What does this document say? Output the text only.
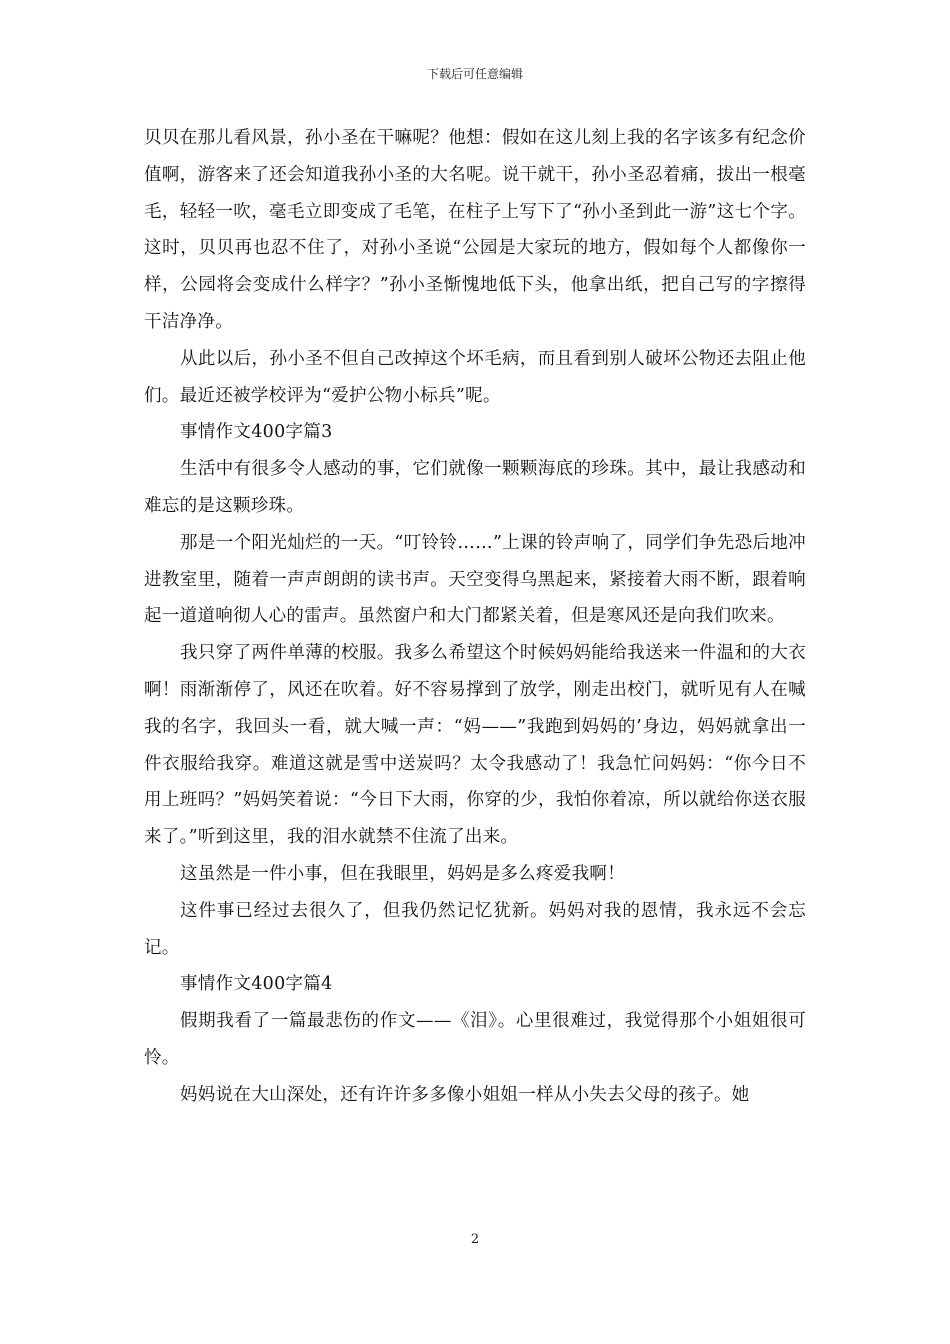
下载后可任意编辑

贝贝在那儿看风景，孙小圣在干嘛呢？他想：假如在这儿刻上我的名字该多有纪念价值啊，游客来了还会知道我孙小圣的大名呢。说干就干，孙小圣忍着痛，拔出一根毫毛，轻轻一吹，毫毛立即变成了毛笔，在柱子上写下了“孙小圣到此一游”这七个字。这时，贝贝再也忍不住了，对孙小圣说“公园是大家玩的地方，假如每个人都像你一样，公园将会变成什么样字？”孙小圣惭愧地低下头，他拿出纸，把自己写的字擦得干洁净净。

从此以后，孙小圣不但自己改掉这个坏毛病，而且看到别人破坏公物还去阻止他们。最近还被学校评为“爱护公物小标兵”呢。

事情作文400字篇3

生活中有很多令人感动的事，它们就像一颗颗海底的珍珠。其中，最让我感动和难忘的是这颗珍珠。

那是一个阳光灿烂的一天。“叮铃铃……”上课的铃声响了，同学们争先恐后地冲进教室里，随着一声声朗朗的读书声。天空变得乌黑起来，紧接着大雨不断，跟着响起一道道响彻人心的雷声。虽然窗户和大门都紧关着，但是寒风还是向我们吹来。

我只穿了两件单薄的校服。我多么希望这个时候妈妈能给我送来一件温和的大衣啊！雨渐渐停了，风还在吹着。好不容易撑到了放学，刚走出校门，就听见有人在喊我的名字，我回头一看，就大喊一声：“妈——”我跑到妈妈的’身边，妈妈就拿出一件衣服给我穿。难道这就是雪中送炭吗？太令我感动了！我急忙问妈妈：“你今日不用上班吗？”妈妈笑着说：“今日下大雨，你穿的少，我怕你着凉，所以就给你送衣服来了。”听到这里，我的泪水就禁不住流了出来。

这虽然是一件小事，但在我眼里，妈妈是多么疼爱我啊！

这件事已经过去很久了，但我仍然记忆犹新。妈妈对我的恩情，我永远不会忘记。

事情作文400字篇4

假期我看了一篇最悲伤的作文——《泪》。心里很难过，我觉得那个小姐姐很可怜。

妈妈说在大山深处，还有许许多多像小姐姐一样从小失去父母的孩子。她

2
